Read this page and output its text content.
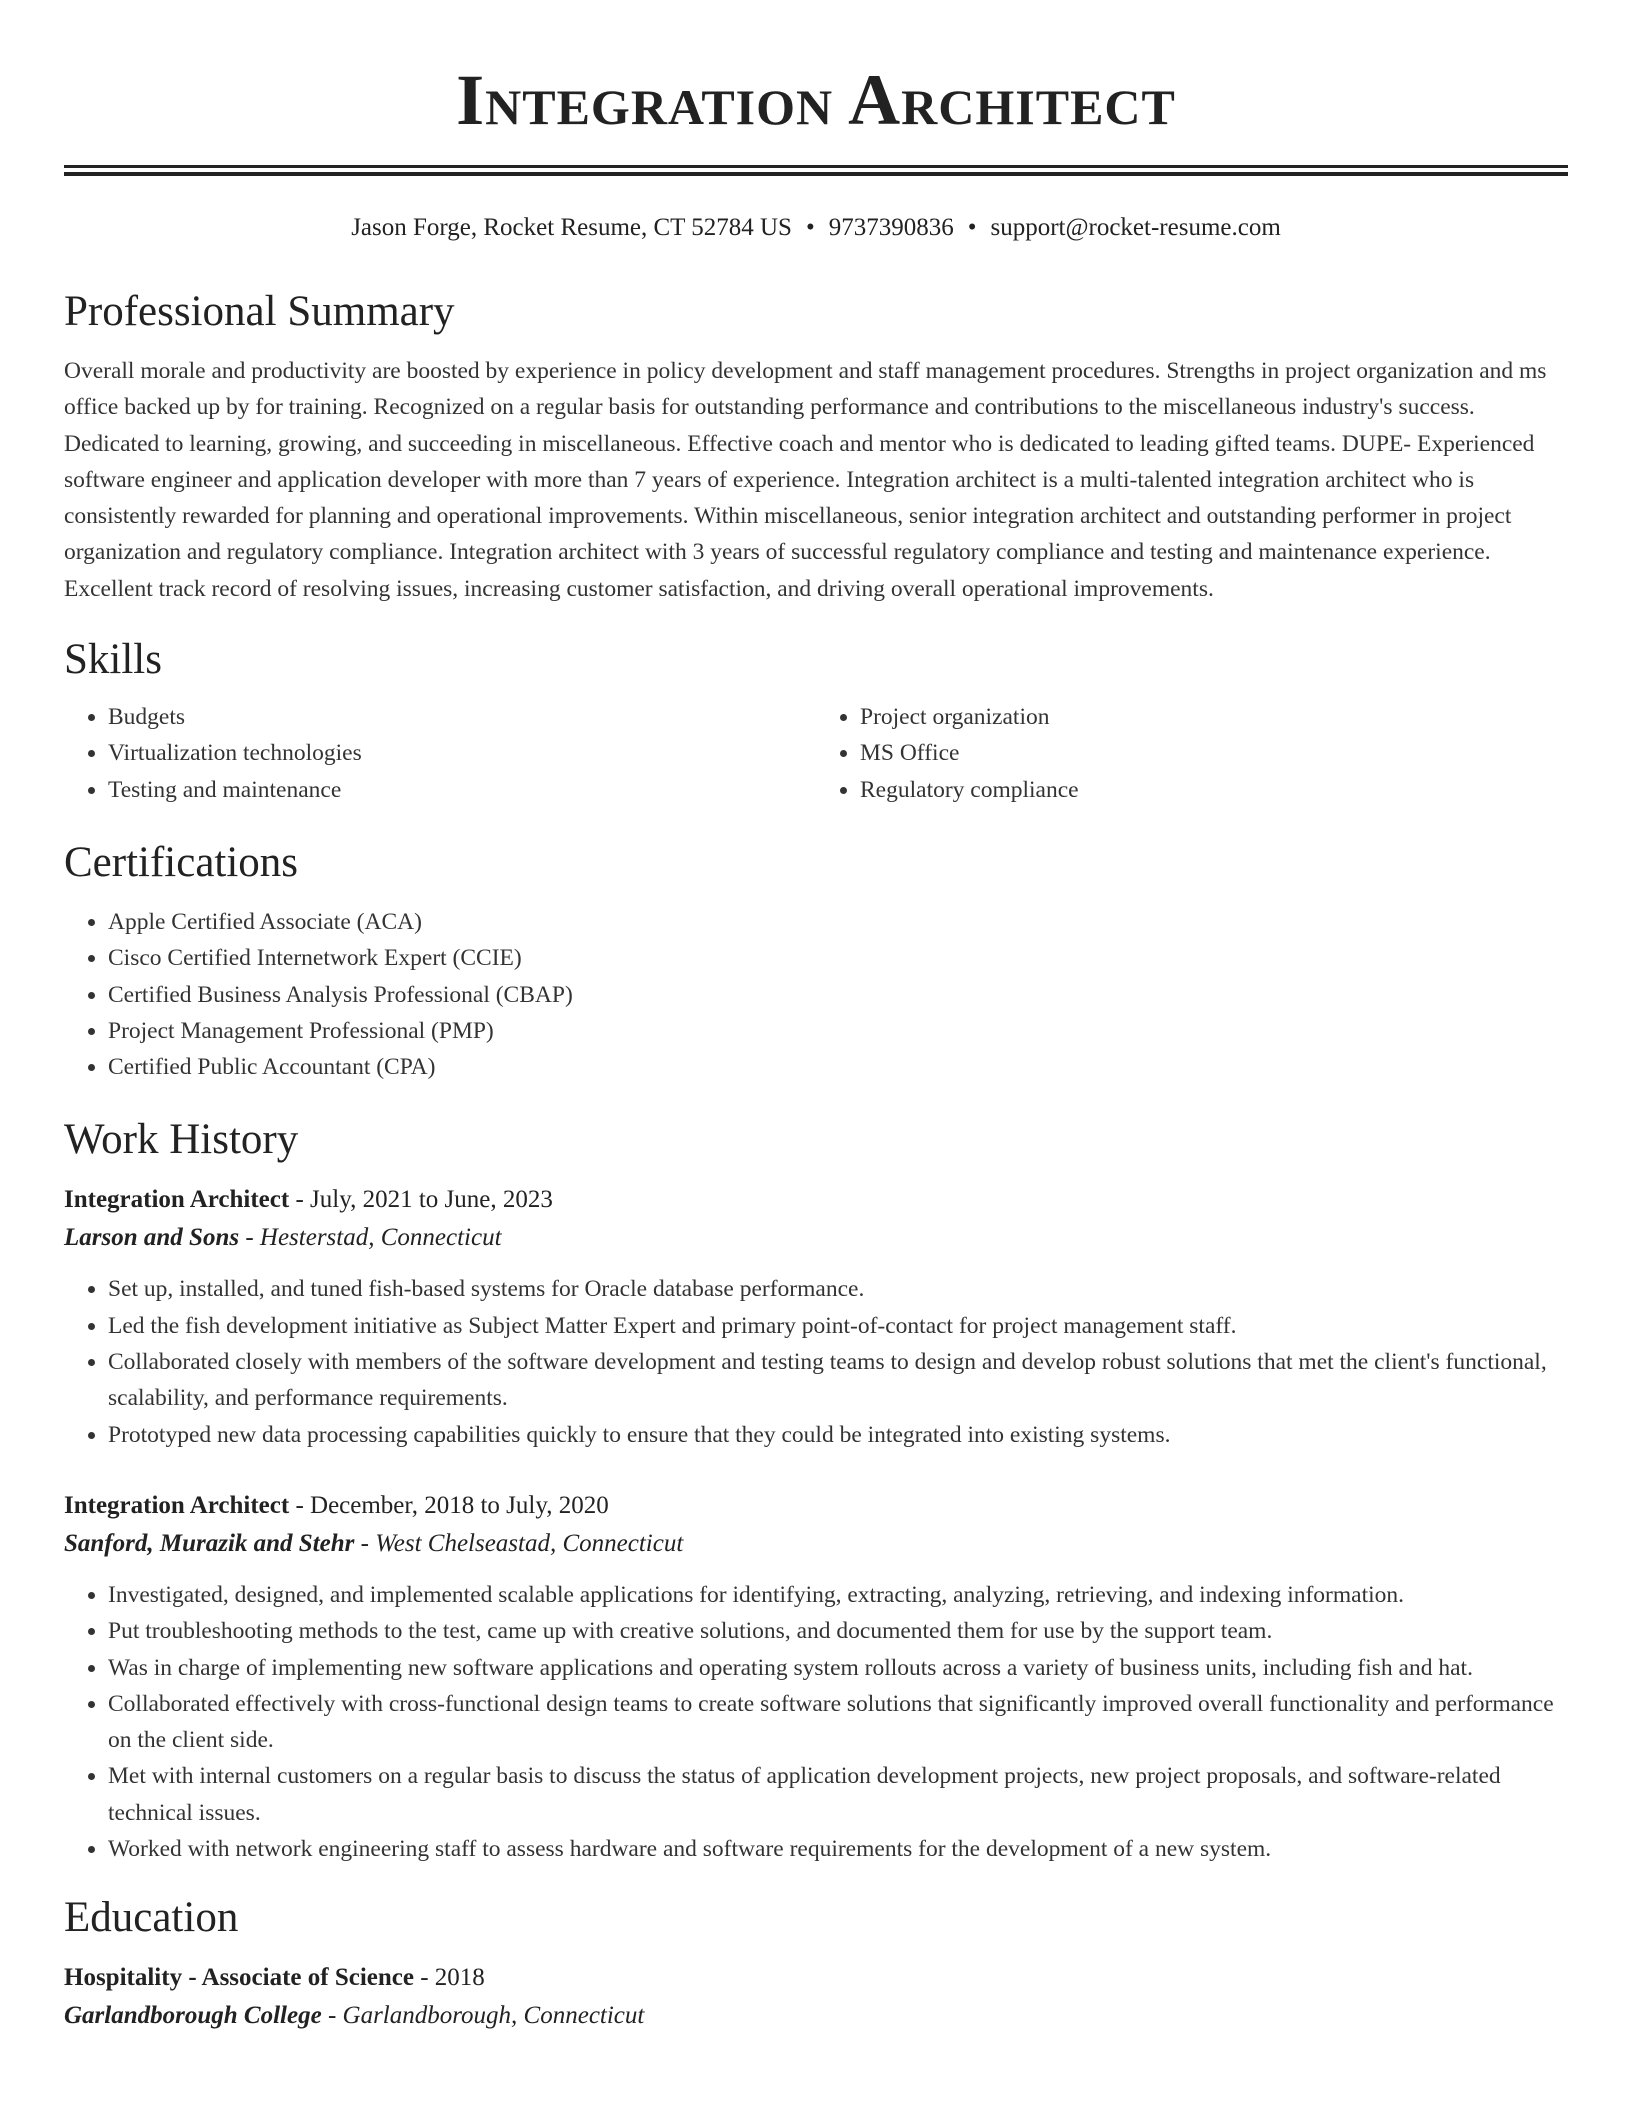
Integration Architect
Jason Forge, Rocket Resume, CT 52784 US • 9737390836 • support@rocket-resume.com
Professional Summary

Overall morale and productivity are boosted by experience in policy development and staff management procedures. Strengths in project organization and ms office backed up by for training. Recognized on a regular basis for outstanding performance and contributions to the miscellaneous industry's success. Dedicated to learning, growing, and succeeding in miscellaneous. Effective coach and mentor who is dedicated to leading gifted teams. DUPE- Experienced software engineer and application developer with more than 7 years of experience. Integration architect is a multi-talented integration architect who is consistently rewarded for planning and operational improvements. Within miscellaneous, senior integration architect and outstanding performer in project organization and regulatory compliance. Integration architect with 3 years of successful regulatory compliance and testing and maintenance experience. Excellent track record of resolving issues, increasing customer satisfaction, and driving overall operational improvements.

Skills
• Budgets
• Virtualization technologies
• Testing and maintenance
• Project organization
• MS Office
• Regulatory compliance
Certifications
• Apple Certified Associate (ACA)
• Cisco Certified Internetwork Expert (CCIE)
• Certified Business Analysis Professional (CBAP)
• Project Management Professional (PMP)
• Certified Public Accountant (CPA)
Work History
Integration Architect - July, 2021 to June, 2023
Larson and Sons - Hesterstad, Connecticut
• Set up, installed, and tuned fish-based systems for Oracle database performance.
• Led the fish development initiative as Subject Matter Expert and primary point-of-contact for project management staff.
• Collaborated closely with members of the software development and testing teams to design and develop robust solutions that met the client's functional, scalability, and performance requirements.
• Prototyped new data processing capabilities quickly to ensure that they could be integrated into existing systems.
Integration Architect - December, 2018 to July, 2020
Sanford, Murazik and Stehr - West Chelseastad, Connecticut
• Investigated, designed, and implemented scalable applications for identifying, extracting, analyzing, retrieving, and indexing information.
• Put troubleshooting methods to the test, came up with creative solutions, and documented them for use by the support team.
• Was in charge of implementing new software applications and operating system rollouts across a variety of business units, including fish and hat.
• Collaborated effectively with cross-functional design teams to create software solutions that significantly improved overall functionality and performance on the client side.
• Met with internal customers on a regular basis to discuss the status of application development projects, new project proposals, and software-related technical issues.
• Worked with network engineering staff to assess hardware and software requirements for the development of a new system.
Education
Hospitality - Associate of Science - 2018
Garlandborough College - Garlandborough, Connecticut
